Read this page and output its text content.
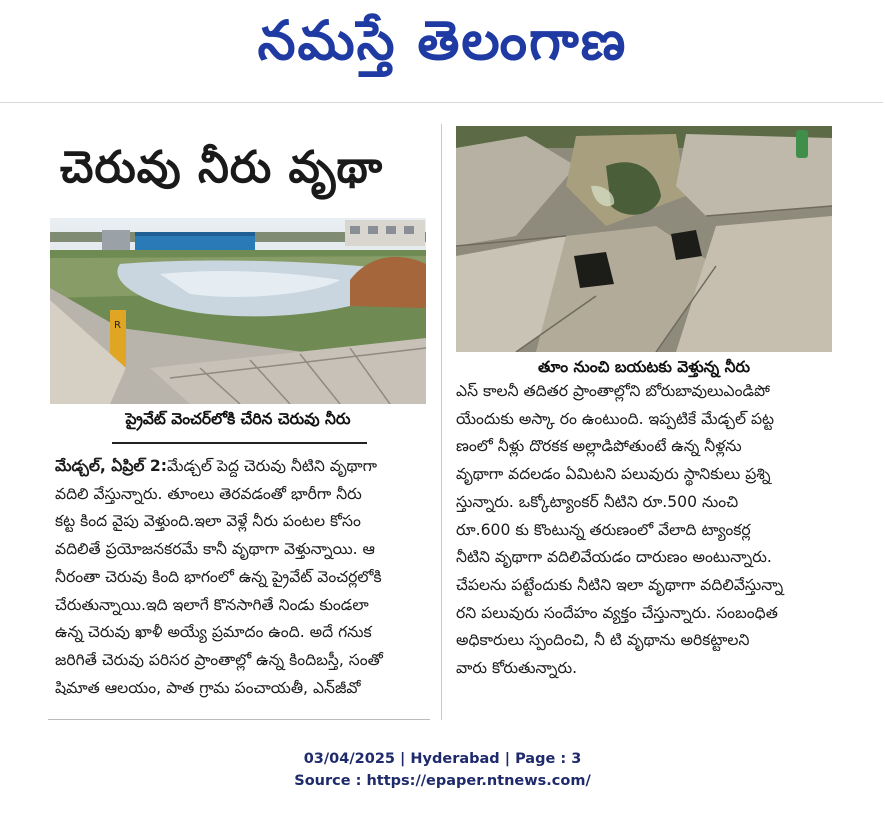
నమస్తే తెలంగాణ
చెరువు నీరు వృథా
R
ప్రైవేట్ వెంచర్‌లోకి చేరిన చెరువు నీరు
తూం నుంచి బయటకు వెళ్తున్న నీరు
మేడ్చల్, ఏప్రిల్ 2:మేడ్చల్ పెద్ద చెరువు నీటిని వృథాగా
వదిలి వేస్తున్నారు. తూంలు తెరవడంతో భారీగా నీరు
కట్ట కింద వైపు వెళ్తుంది.ఇలా వెళ్లే నీరు పంటల కోసం
వదిలితే ప్రయోజనకరమే కానీ వృథాగా వెళ్తున్నాయి. ఆ
నీరంతా చెరువు కింది భాగంలో ఉన్న ప్రైవేట్ వెంచర్లలోకి
చేరుతున్నాయి.ఇది ఇలాగే కొనసాగితే నిండు కుండలా
ఉన్న చెరువు ఖాళీ అయ్యే ప్రమాదం ఉంది. అదే గనుక
జరిగితే చెరువు పరిసర ప్రాంతాల్లో ఉన్న కిందిబస్తీ, సంతో
షిమాత ఆలయం, పాత గ్రామ పంచాయతీ, ఎన్‌జీవో
ఎస్ కాలనీ తదితర ప్రాంతాల్లోని బోరుబావులుఎండిపో
యేందుకు అస్కా రం ఉంటుంది. ఇప్పటికే మేడ్చల్ పట్ట
ణంలో నీళ్లు దొరకక అల్లాడిపోతుంటే ఉన్న నీళ్లను
వృథాగా వదలడం ఏమిటని పలువురు స్థానికులు ప్రశ్ని
స్తున్నారు. ఒక్కోట్యాంకర్ నీటిని రూ.500 నుంచి
రూ.600 కు కొంటున్న తరుణంలో వేలాది ట్యాంకర్ల
నీటిని వృథాగా వదిలివేయడం దారుణం అంటున్నారు.
చేపలను పట్టేందుకు నీటిని ఇలా వృథాగా వదిలివేస్తున్నా
రని పలువురు సందేహం వ్యక్తం చేస్తున్నారు. సంబంధిత
అధికారులు స్పందించి, నీ టి వృథాను అరికట్టాలని
వారు కోరుతున్నారు.
03/04/2025 | Hyderabad | Page : 3
Source : https://epaper.ntnews.com/
